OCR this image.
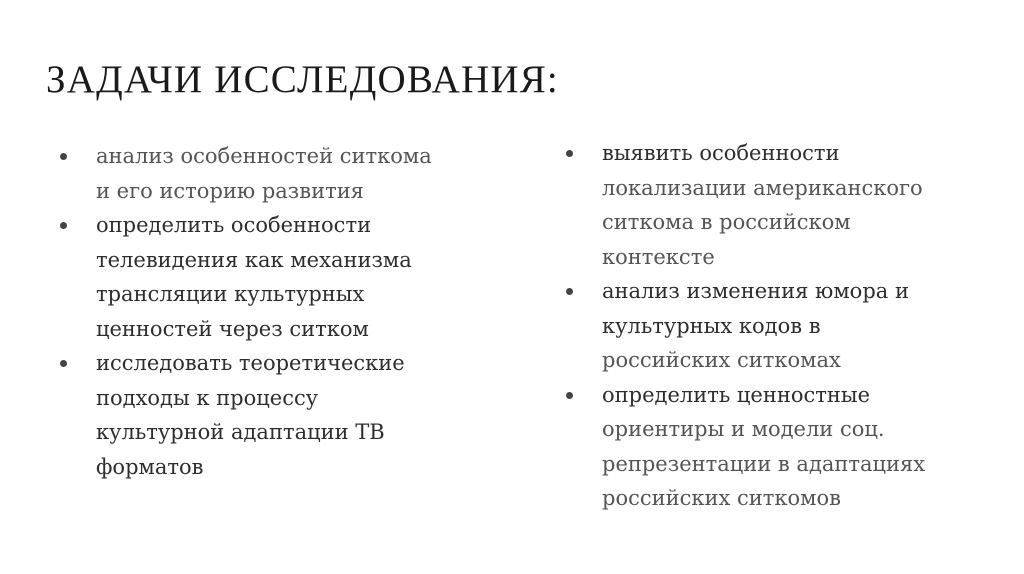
ЗАДАЧИ ИССЛЕДОВАНИЯ:
анализ особенностей ситкома
и его историю развития
определить особенности
телевидения как механизма
трансляции культурных
ценностей через ситком
исследовать теоретические
подходы к процессу
культурной адаптации ТВ
форматов
выявить особенности
локализации американского
ситкома в российском
контексте
анализ изменения юмора и
культурных кодов в
российских ситкомах
определить ценностные
ориентиры и модели соц.
репрезентации в адаптациях
российских ситкомов
